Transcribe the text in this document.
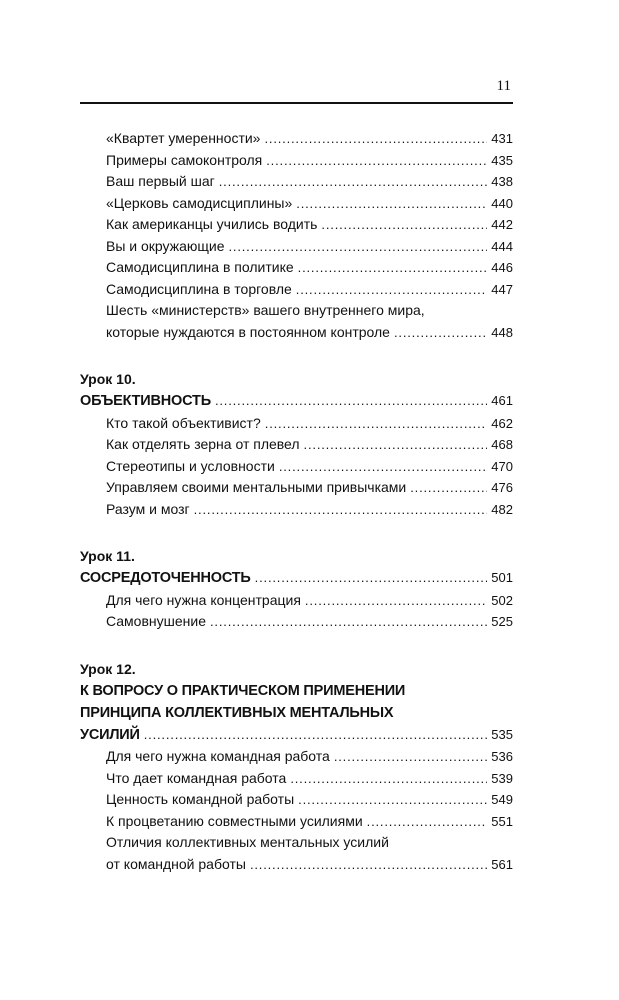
11
«Квартет умеренности» . . .	431
Примеры самоконтроля . . .	435
Ваш первый шаг . . .	438
«Церковь самодисциплины» . . .	440
Как американцы учились водить . . .	442
Вы и окружающие . . .	444
Самодисциплина в политике . . .	446
Самодисциплина в торговле . . .	447
Шесть «министерств» вашего внутреннего мира,
которые нуждаются в постоянном контроле . . .	448
Урок 10.
ОБЪЕКТИВНОСТЬ . . .	461
Кто такой объективист? . . .	462
Как отделять зерна от плевел . . .	468
Стереотипы и условности . . .	470
Управляем своими ментальными привычками . . .	476
Разум и мозг . . .	482
Урок 11.
СОСРЕДОТОЧЕННОСТЬ . . .	501
Для чего нужна концентрация . . .	502
Самовнушение . . .	525
Урок 12.
К ВОПРОСУ О ПРАКТИЧЕСКОМ ПРИМЕНЕНИИ
ПРИНЦИПА КОЛЛЕКТИВНЫХ МЕНТАЛЬНЫХ
УСИЛИЙ . . .	535
Для чего нужна командная работа . . .	536
Что дает командная работа . . .	539
Ценность командной работы . . .	549
К процветанию совместными усилиями . . .	551
Отличия коллективных ментальных усилий
от командной работы . . .	561
